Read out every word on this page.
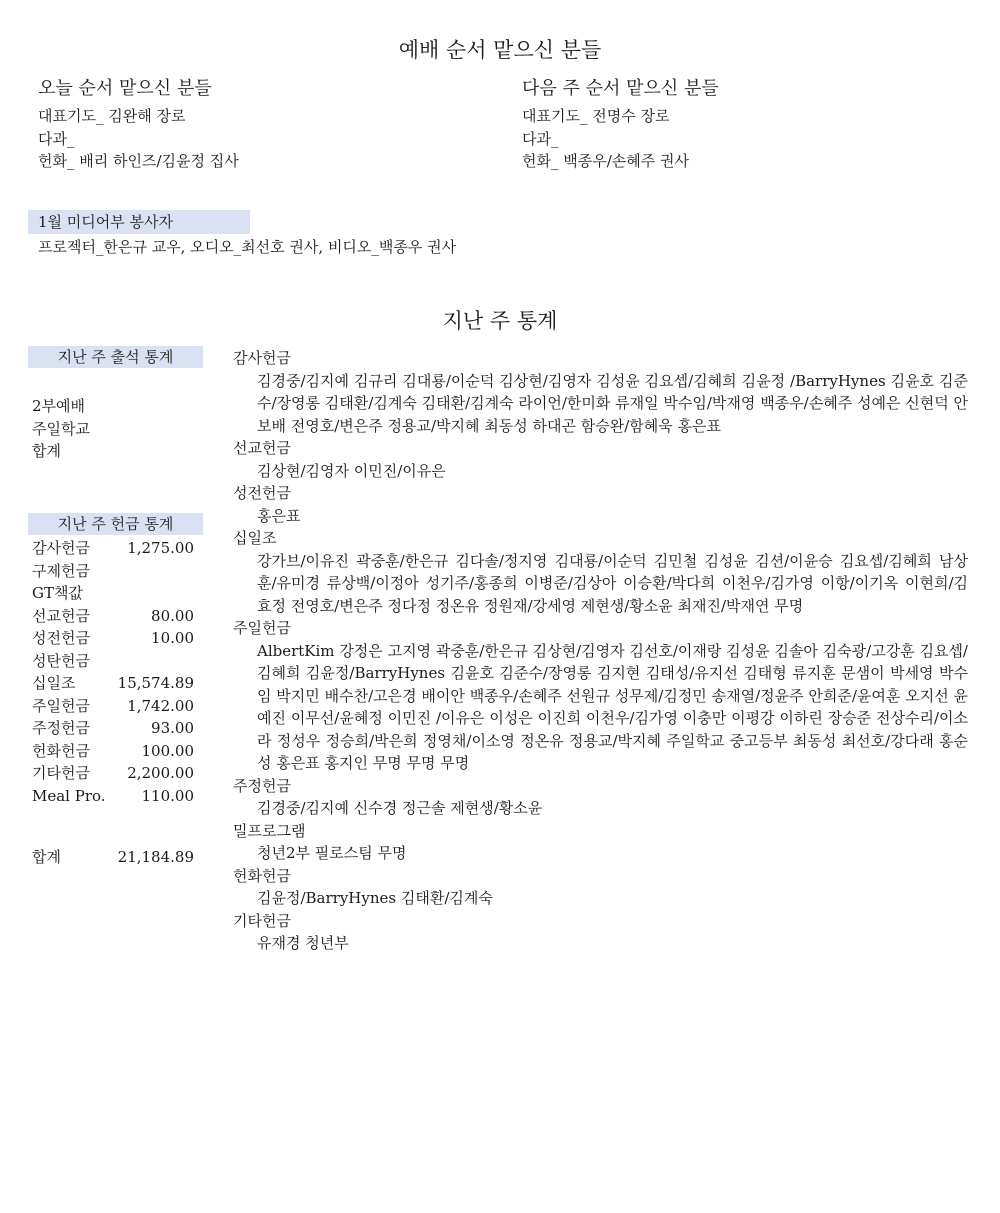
예배 순서 맡으신 분들
오늘 순서 맡으신 분들
대표기도_ 김완해 장로
다과_
헌화_ 배리 하인즈/김윤정 집사
다음 주 순서 맡으신 분들
대표기도_ 전명수 장로
다과_
헌화_ 백종우/손혜주 권사
1월 미디어부 봉사자
프로젝터_한은규 교우, 오디오_최선호 권사, 비디오_백종우 권사
지난 주 통계
지난 주 출석 통계
2부예배
주일학교
합계
지난 주 헌금 통계
감사헌금 1,275.00
구제헌금
GT책값
선교헌금	80.00
성전헌금	10.00
성탄헌금
십일조	15,574.89
주일헌금 1,742.00
주정헌금	93.00
헌화헌금	100.00
기타헌금 2,200.00
Meal Pro. 110.00
합계	21,184.89
감사헌금
김경중/김지예 김규리 김대룡/이순덕 김상현/김영자 김성윤 김요셉/김혜희 김윤정 /BarryHynes 김윤호 김준수/장영롱 김태환/김계숙 김태환/김계숙 라이언/한미화 류재일 박수임/박재영 백종우/손혜주 성예은 신현덕 안보배 전영호/변은주 정용교/박지혜 최동성 하대곤 함승완/함혜욱 홍은표
선교헌금
김상현/김영자 이민진/이유은
성전헌금
홍은표
십일조
강가브/이유진 곽중훈/한은규 김다솔/정지영 김대룡/이순덕 김민철 김성윤 김션/이윤승 김요셉/김혜희 남상훈/유미경 류상백/이정아 성기주/홍종희 이병준/김상아 이승환/박다희 이천우/김가영 이항/이기옥 이현희/김효정 전영호/변은주 정다정 정온유 정원재/강세영 제현생/황소윤 최재진/박재연 무명
주일헌금
AlbertKim 강정은 고지영 곽중훈/한은규 김상현/김영자 김선호/이재랑 김성윤 김솔아 김숙광/고강훈 김요셉/김혜희 김윤정/BarryHynes 김윤호 김준수/장영롱 김지현 김태성/유지선 김태형 류지훈 문샘이 박세영 박수임 박지민 배수찬/고은경 배이안 백종우/손혜주 선원규 성무제/김정민 송재열/정윤주 안희준/윤여훈 오지선 윤예진 이무선/윤혜정 이민진 /이유은 이성은 이진희 이천우/김가영 이충만 이평강 이하린 장승준 전상수리/이소라 정성우 정승희/박은희 정영채/이소영 정온유 정용교/박지혜 주일학교 중고등부 최동성 최선호/강다래 홍순성 홍은표 홍지인 무명 무명 무명
주정헌금
김경중/김지예 신수경 정근솔 제현생/황소윤
밀프로그램
청년2부 필로스팀 무명
헌화헌금
김윤정/BarryHynes 김태환/김계숙
기타헌금
유재경 청년부
